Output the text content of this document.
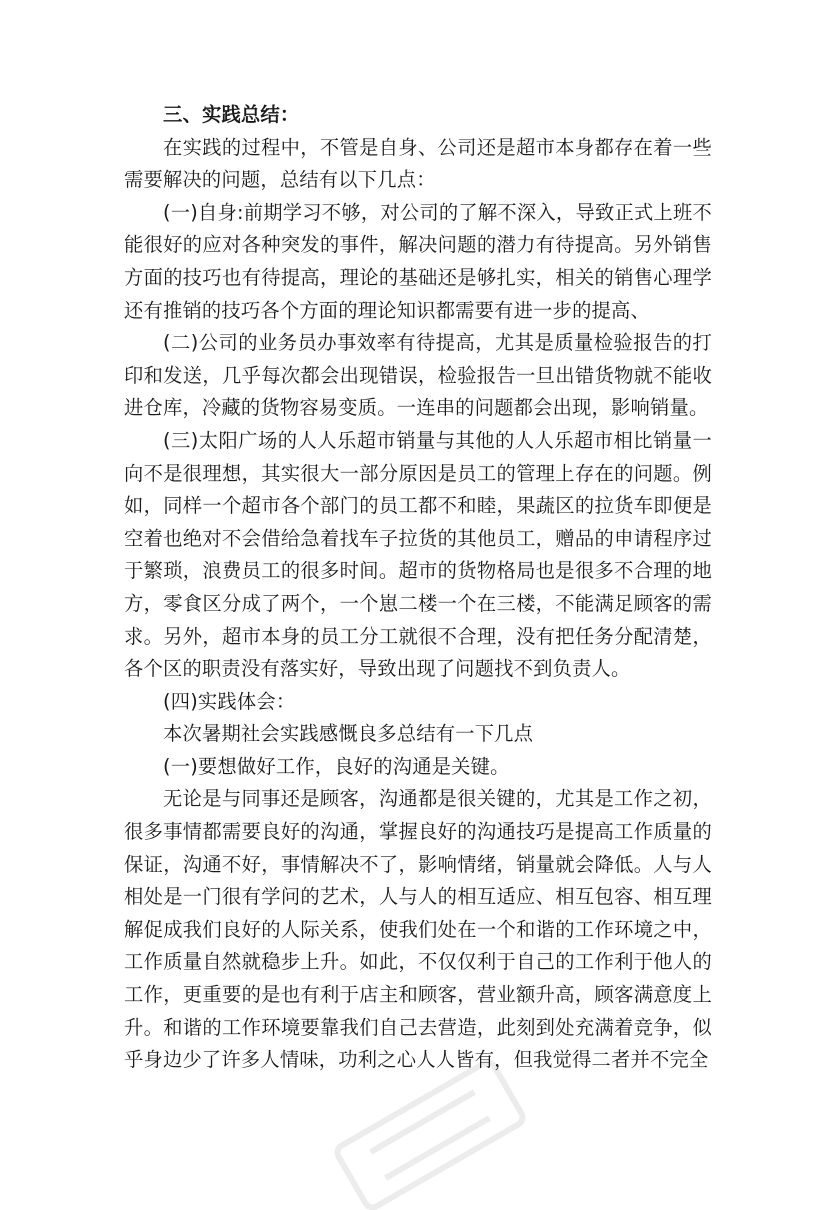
三、实践总结：

在实践的过程中，不管是自身、公司还是超市本身都存在着一些需要解决的问题，总结有以下几点：

(一)自身:前期学习不够，对公司的了解不深入，导致正式上班不能很好的应对各种突发的事件，解决问题的潜力有待提高。另外销售方面的技巧也有待提高，理论的基础还是够扎实，相关的销售心理学还有推销的技巧各个方面的理论知识都需要有进一步的提高、

(二)公司的业务员办事效率有待提高，尤其是质量检验报告的打印和发送，几乎每次都会出现错误，检验报告一旦出错货物就不能收进仓库，冷藏的货物容易变质。一连串的问题都会出现，影响销量。

(三)太阳广场的人人乐超市销量与其他的人人乐超市相比销量一向不是很理想，其实很大一部分原因是员工的管理上存在的问题。例如，同样一个超市各个部门的员工都不和睦，果蔬区的拉货车即便是空着也绝对不会借给急着找车子拉货的其他员工，赠品的申请程序过于繁琐，浪费员工的很多时间。超市的货物格局也是很多不合理的地方，零食区分成了两个，一个崽二楼一个在三楼，不能满足顾客的需求。另外，超市本身的员工分工就很不合理，没有把任务分配清楚，各个区的职责没有落实好，导致出现了问题找不到负责人。

(四)实践体会：

本次暑期社会实践感慨良多总结有一下几点

(一)要想做好工作，良好的沟通是关键。

无论是与同事还是顾客，沟通都是很关键的，尤其是工作之初，很多事情都需要良好的沟通，掌握良好的沟通技巧是提高工作质量的保证，沟通不好，事情解决不了，影响情绪，销量就会降低。人与人相处是一门很有学问的艺术，人与人的相互适应、相互包容、相互理解促成我们良好的人际关系，使我们处在一个和谐的工作环境之中，工作质量自然就稳步上升。如此，不仅仅利于自己的工作利于他人的工作，更重要的是也有利于店主和顾客，营业额升高，顾客满意度上升。和谐的工作环境要靠我们自己去营造，此刻到处充满着竞争，似乎身边少了许多人情味，功利之心人人皆有，但我觉得二者并不完全
